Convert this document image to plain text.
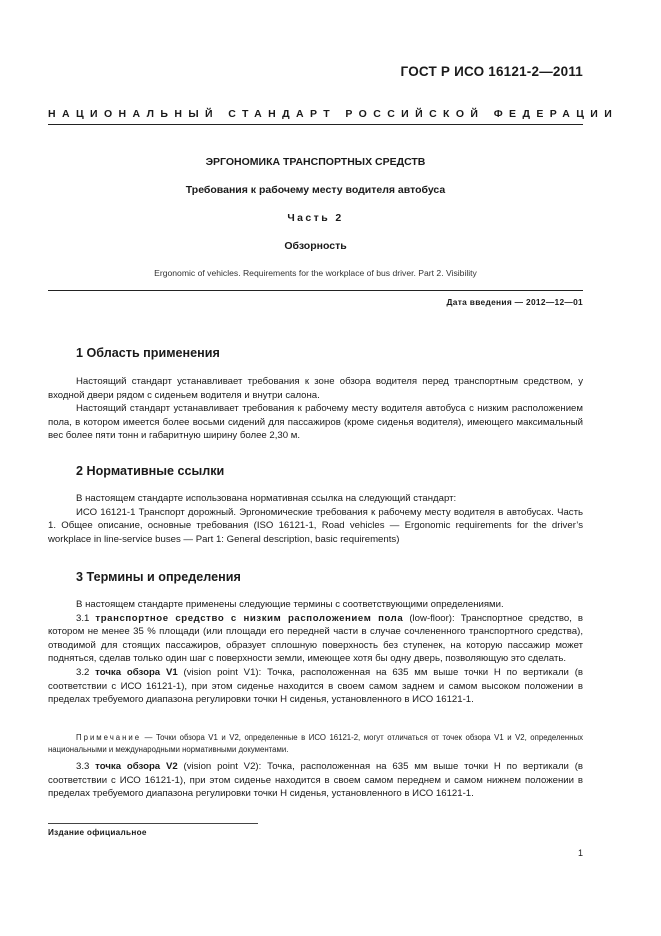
ГОСТ Р ИСО 16121-2—2011
НАЦИОНАЛЬНЫЙ СТАНДАРТ РОССИЙСКОЙ ФЕДЕРАЦИИ
ЭРГОНОМИКА ТРАНСПОРТНЫХ СРЕДСТВ
Требования к рабочему месту водителя автобуса
Часть 2
Обзорность
Ergonomic of vehicles. Requirements for the workplace of bus driver. Part 2. Visibility
Дата введения — 2012—12—01
1 Область применения

Настоящий стандарт устанавливает требования к зоне обзора водителя перед транспортным средством, у входной двери рядом с сиденьем водителя и внутри салона.

Настоящий стандарт устанавливает требования к рабочему месту водителя автобуса с низким расположением пола, в котором имеется более восьми сидений для пассажиров (кроме сиденья водителя), имеющего максимальный вес более пяти тонн и габаритную ширину более 2,30 м.

2 Нормативные ссылки

В настоящем стандарте использована нормативная ссылка на следующий стандарт:

ИСО 16121-1 Транспорт дорожный. Эргономические требования к рабочему месту водителя в автобусах. Часть 1. Общее описание, основные требования (ISO 16121-1, Road vehicles — Ergonomic requirements for the driver’s workplace in line-service buses — Part 1: General description, basic requirements)

3 Термины и определения

В настоящем стандарте применены следующие термины с соответствующими определениями.

3.1 транспортное средство с низким расположением пола (low-floor): Транспортное средство, в котором не менее 35 % площади (или площади его передней части в случае сочлененного транспортного средства), отводимой для стоящих пассажиров, образует сплошную поверхность без ступенек, на которую пассажир может подняться, сделав только один шаг с поверхности земли, имеющее хотя бы одну дверь, позволяющую это сделать.

3.2 точка обзора V1 (vision point V1): Точка, расположенная на 635 мм выше точки H по вертикали (в соответствии с ИСО 16121-1), при этом сиденье находится в своем самом заднем и самом высоком положении в пределах требуемого диапазона регулировки точки H сиденья, установленного в ИСО 16121-1.

Примечание — Точки обзора V1 и V2, определенные в ИСО 16121-2, могут отличаться от точек обзора V1 и V2, определенных национальными и международными нормативными документами.

3.3 точка обзора V2 (vision point V2): Точка, расположенная на 635 мм выше точки H по вертикали (в соответствии с ИСО 16121-1), при этом сиденье находится в своем самом переднем и самом нижнем положении в пределах требуемого диапазона регулировки точки H сиденья, установленного в ИСО 16121-1.

Издание официальное
1
